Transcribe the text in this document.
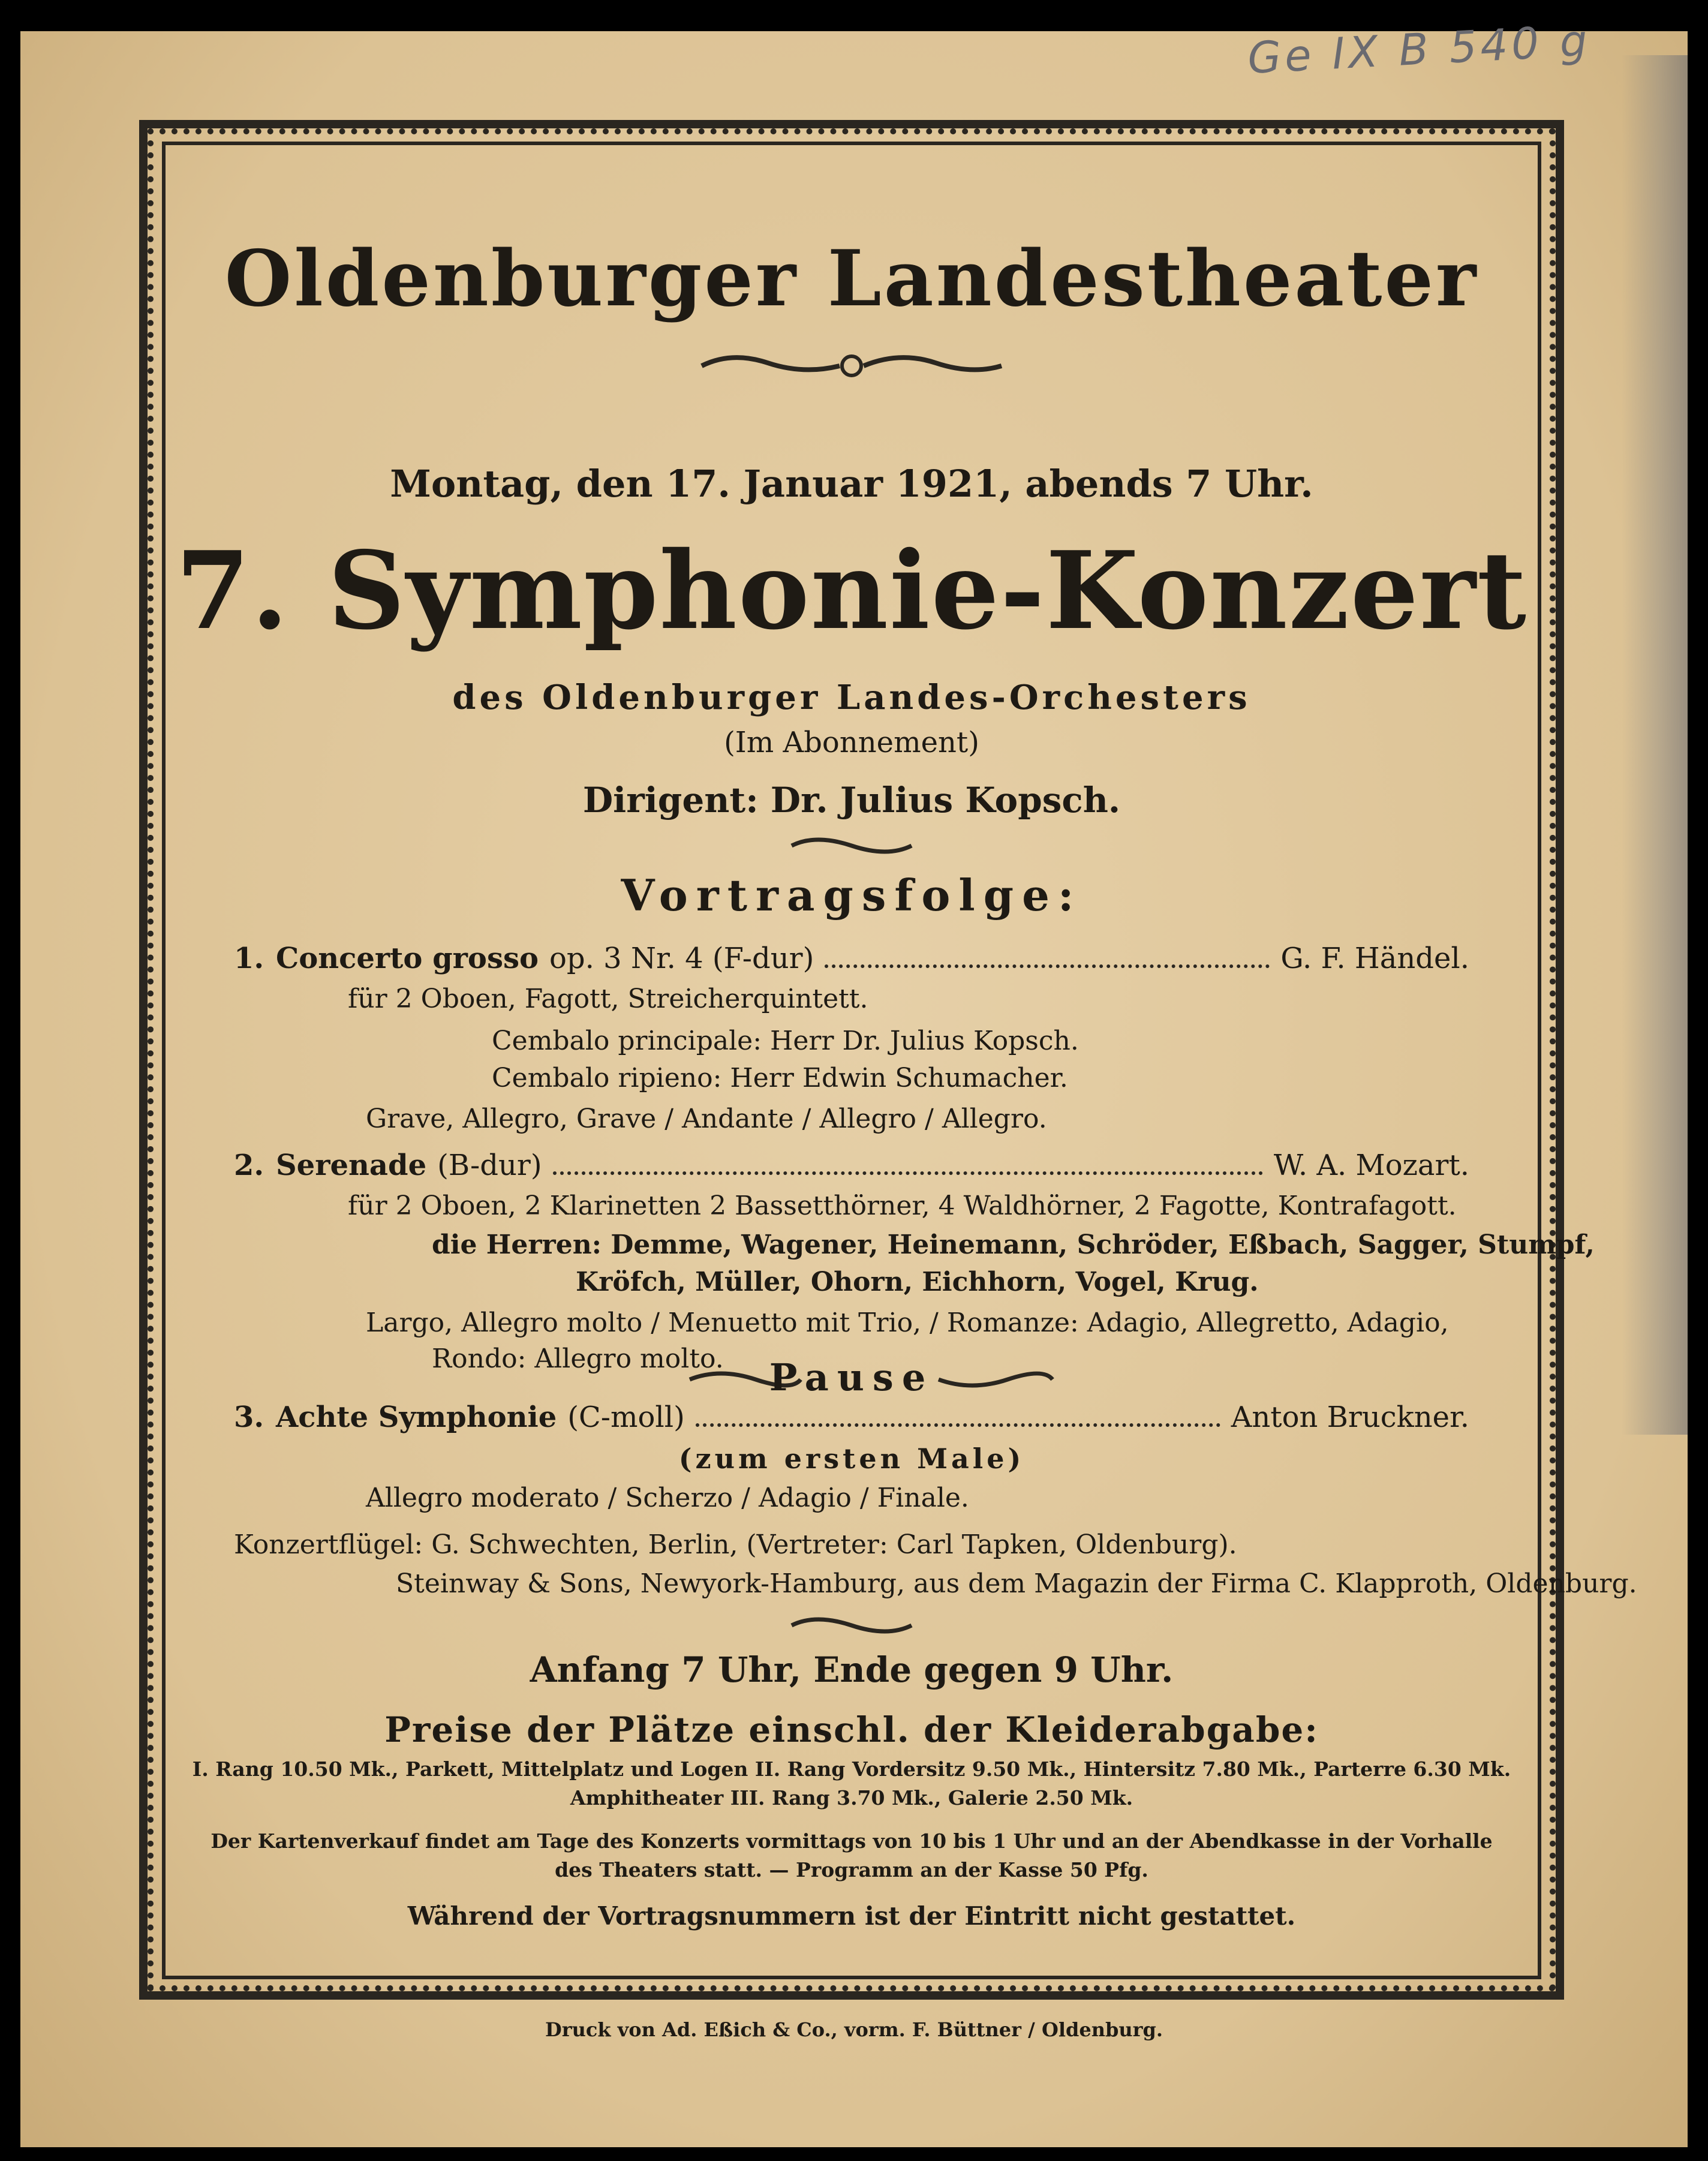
Ge IX B 540 g
Oldenburger Landestheater
Montag, den 17. Januar 1921, abends 7 Uhr.
7. Symphonie-Konzert
des Oldenburger Landes-Orchesters
(Im Abonnement)
Dirigent: Dr. Julius Kopsch.
Vortragsfolge:
1. Concerto grosso op. 3 Nr. 4 (F-dur)	G. F. Händel.
für 2 Oboen, Fagott, Streicherquintett.
Cembalo principale: Herr Dr. Julius Kopsch.
Cembalo ripieno: Herr Edwin Schumacher.
Grave, Allegro, Grave / Andante / Allegro / Allegro.
2. Serenade (B-dur)	W. A. Mozart.
für 2 Oboen, 2 Klarinetten 2 Bassetthörner, 4 Waldhörner, 2 Fagotte, Kontrafagott.
die Herren: Demme, Wagener, Heinemann, Schröder, Eßbach, Sagger, Stumpf,
Kröfch, Müller, Ohorn, Eichhorn, Vogel, Krug.
Largo, Allegro molto / Menuetto mit Trio, / Romanze: Adagio, Allegretto, Adagio,
Rondo: Allegro molto.	Pause
3. Achte Symphonie (C-moll)	Anton Bruckner.
(zum ersten Male)
Allegro moderato / Scherzo / Adagio / Finale.
Konzertflügel: G. Schwechten, Berlin, (Vertreter: Carl Tapken, Oldenburg).
Steinway & Sons, Newyork-Hamburg, aus dem Magazin der Firma C. Klapproth, Oldenburg.
Anfang 7 Uhr, Ende gegen 9 Uhr.
Preise der Plätze einschl. der Kleiderabgabe:
I. Rang 10.50 Mk., Parkett, Mittelplatz und Logen II. Rang Vordersitz 9.50 Mk., Hintersitz 7.80 Mk., Parterre 6.30 Mk.
Amphitheater III. Rang 3.70 Mk., Galerie 2.50 Mk.
Der Kartenverkauf findet am Tage des Konzerts vormittags von 10 bis 1 Uhr und an der Abendkasse in der Vorhalle
des Theaters statt. — Programm an der Kasse 50 Pfg.
Während der Vortragsnummern ist der Eintritt nicht gestattet.
Druck von Ad. Eßich & Co., vorm. F. Büttner / Oldenburg.
